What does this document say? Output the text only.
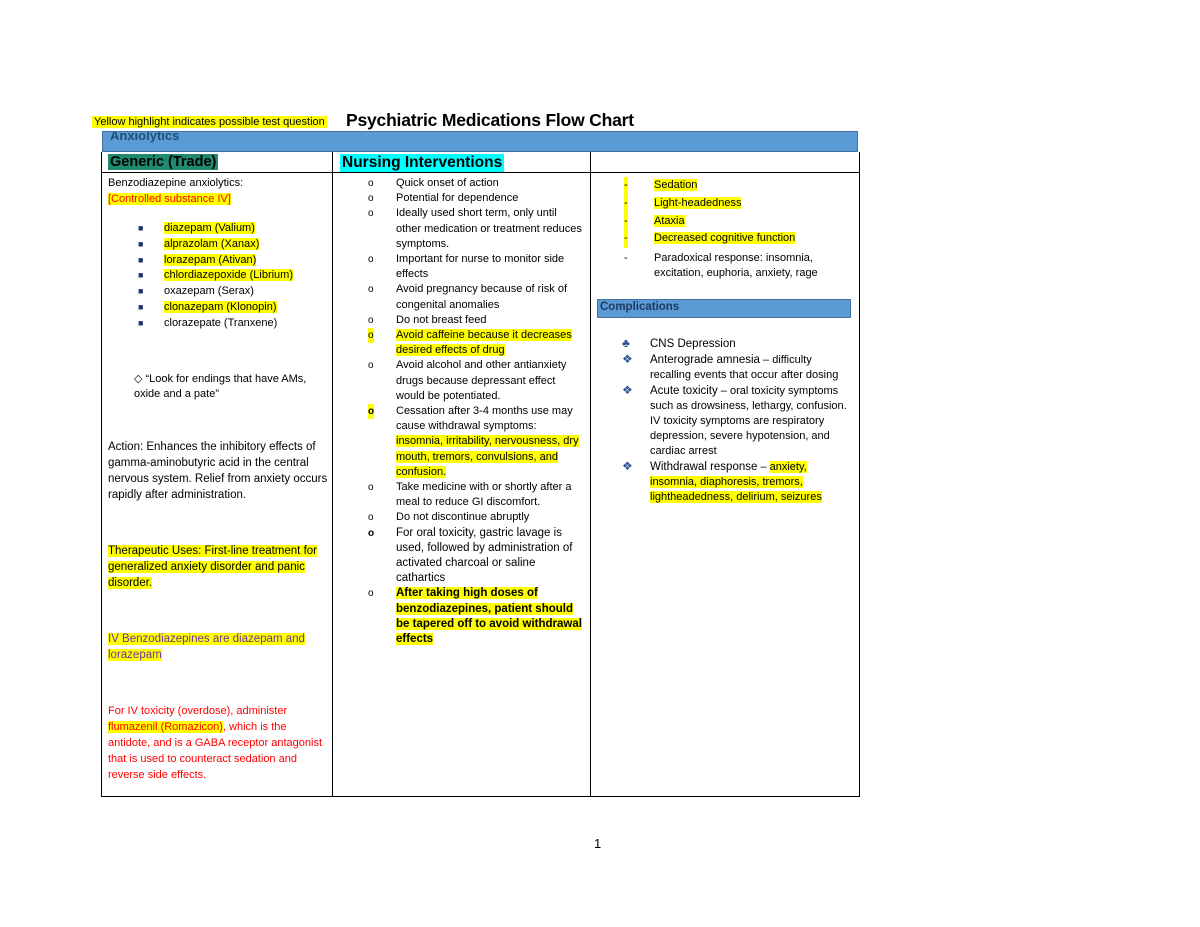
Yellow highlight indicates possible test question Psychiatric Medications Flow Chart
Anxiolytics
Generic (Trade)	Nursing Interventions

Benzodiazepine anxiolytics:

[Controlled substance IV]

■ diazepam (Valium)
■ alprazolam (Xanax)
■ lorazepam (Ativan)
■ chlordiazepoxide (Librium)
■ oxazepam (Serax)
■ clonazepam (Klonopin)
■ clorazepate (Tranxene)

◇ “Look for endings that have AMs, oxide and a pate”

Action: Enhances the inhibitory effects of gamma-aminobutyric acid in the central nervous system. Relief from anxiety occurs rapidly after administration.

Therapeutic Uses: First-line treatment for generalized anxiety disorder and panic disorder.

IV Benzodiazepines are diazepam and lorazepam

For IV toxicity (overdose), administer flumazenil (Romazicon), which is the antidote, and is a GABA receptor antagonist that is used to counteract sedation and reverse side effects.

o Quick onset of action
o Potential for dependence
o Ideally used short term, only until other medication or treatment reduces symptoms.
o Important for nurse to monitor side effects
o Avoid pregnancy because of risk of congenital anomalies
o Do not breast feed
o Avoid caffeine because it decreases desired effects of drug
o Avoid alcohol and other antianxiety drugs because depressant effect would be potentiated.
o Cessation after 3-4 months use may cause withdrawal symptoms: insomnia, irritability, nervousness, dry mouth, tremors, convulsions, and confusion.
o Take medicine with or shortly after a meal to reduce GI discomfort.
o Do not discontinue abruptly
o For oral toxicity, gastric lavage is used, followed by administration of activated charcoal or saline cathartics
o After taking high doses of benzodiazepines, patient should be tapered off to avoid withdrawal effects
- Sedation
- Light-headedness
- Ataxia
- Decreased cognitive function
- Paradoxical response: insomnia, excitation, euphoria, anxiety, rage
Complications
♣ CNS Depression
❖ Anterograde amnesia – difficulty recalling events that occur after dosing
❖ Acute toxicity – oral toxicity symptoms such as drowsiness, lethargy, confusion. IV toxicity symptoms are respiratory depression, severe hypotension, and cardiac arrest
❖ Withdrawal response – anxiety, insomnia, diaphoresis, tremors, lightheadedness, delirium, seizures
1
